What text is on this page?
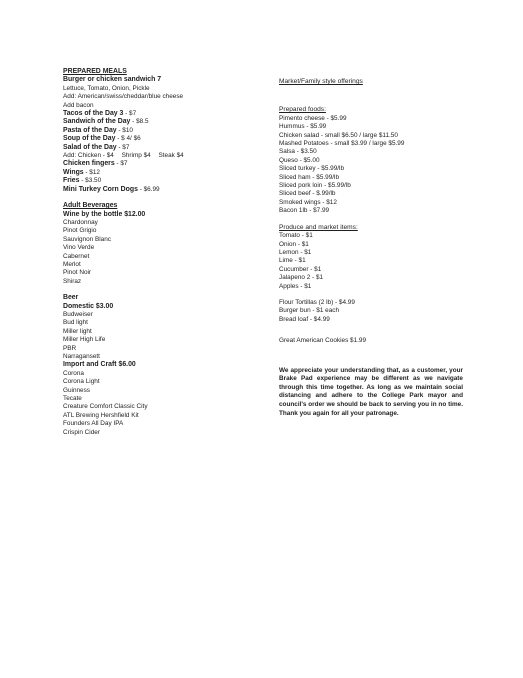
PREPARED MEALS
Burger or chicken sandwich 7
Lettuce, Tomato, Onion, Pickle
Add: American/swiss/cheddar/blue cheese
Add bacon
Tacos of the Day 3 - $7
Sandwich of the Day - $8.5
Pasta of the Day - $10
Soup of the Day - $ 4/ $6
Salad of the Day - $7
Add: Chicken - $4 Shrimp $4 Steak $4
Chicken fingers - $7
Wings - $12
Fries - $3.50
Mini Turkey Corn Dogs - $6.99
Adult Beverages
Wine by the bottle $12.00
Chardonnay
Pinot Grigio
Sauvignon Blanc
Vino Verde
Cabernet
Merlot
Pinot Noir
Shiraz
Beer
Domestic $3.00
Budweiser
Bud light
Miller light
Miller High Life
PBR
Narragansett
Import and Craft $6.00
Corona
Corona Light
Guinness
Tecate
Creature Comfort Classic City
ATL Brewing Hershfield Kit
Founders All Day IPA
Crispin Cider
Market/Family style offerings
Prepared foods:
Pimento cheese - $5.99
Hummus - $5.99
Chicken salad - small $6.50 / large $11.50
Mashed Potatoes - small $3.99 / large $5.99
Salsa - $3.50
Queso - $5.00
Sliced turkey - $5.99/lb
Sliced ham - $5.99/lb
Sliced pork loin - $5.99/lb
Sliced beef - $.99/lb
Smoked wings - $12
Bacon 1lb - $7.99
Produce and market items:
Tomato - $1
Onion - $1
Lemon - $1
Lime - $1
Cucumber - $1
Jalapeno 2 - $1
Apples - $1
Flour Tortillas (2 lb) - $4.99
Burger bun - $1 each
Bread loaf - $4.99
Great American Cookies $1.99
We appreciate your understanding that, as a customer, your Brake Pad experience may be different as we navigate through this time together. As long as we maintain social distancing and adhere to the College Park mayor and council's order we should be back to serving you in no time. Thank you again for all your patronage.
